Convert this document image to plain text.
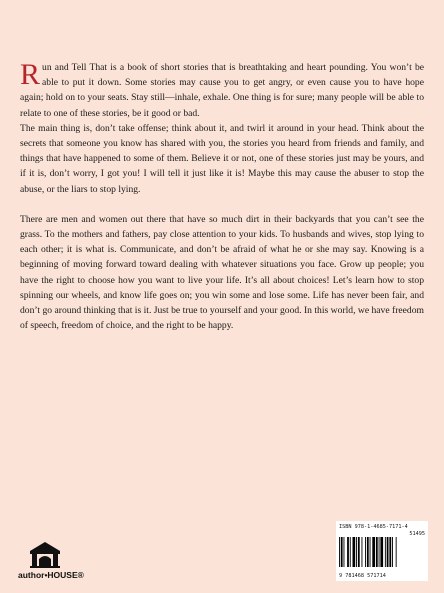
Run and Tell That is a book of short stories that is breathtaking and heart pounding. You won’t be able to put it down. Some stories may cause you to get angry, or even cause you to have hope again; hold on to your seats. Stay still—inhale, exhale. One thing is for sure; many people will be able to relate to one of these stories, be it good or bad.

The main thing is, don’t take offense; think about it, and twirl it around in your head. Think about the secrets that someone you know has shared with you, the stories you heard from friends and family, and things that have happened to some of them. Believe it or not, one of these stories just may be yours, and if it is, don’t worry, I got you! I will tell it just like it is! Maybe this may cause the abuser to stop the abuse, or the liars to stop lying.

There are men and women out there that have so much dirt in their backyards that you can’t see the grass. To the mothers and fathers, pay close attention to your kids. To husbands and wives, stop lying to each other; it is what is. Communicate, and don’t be afraid of what he or she may say. Knowing is a beginning of moving forward toward dealing with whatever situations you face. Grow up people; you have the right to choose how you want to live your life. It’s all about choices! Let’s learn how to stop spinning our wheels, and know life goes on; you win some and lose some. Life has never been fair, and don’t go around thinking that is it. Just be true to yourself and your good. In this world, we have freedom of speech, freedom of choice, and the right to be happy.

author•HOUSE®
ISBN 978-1-4685-7171-4
51495
9 781468 571714
